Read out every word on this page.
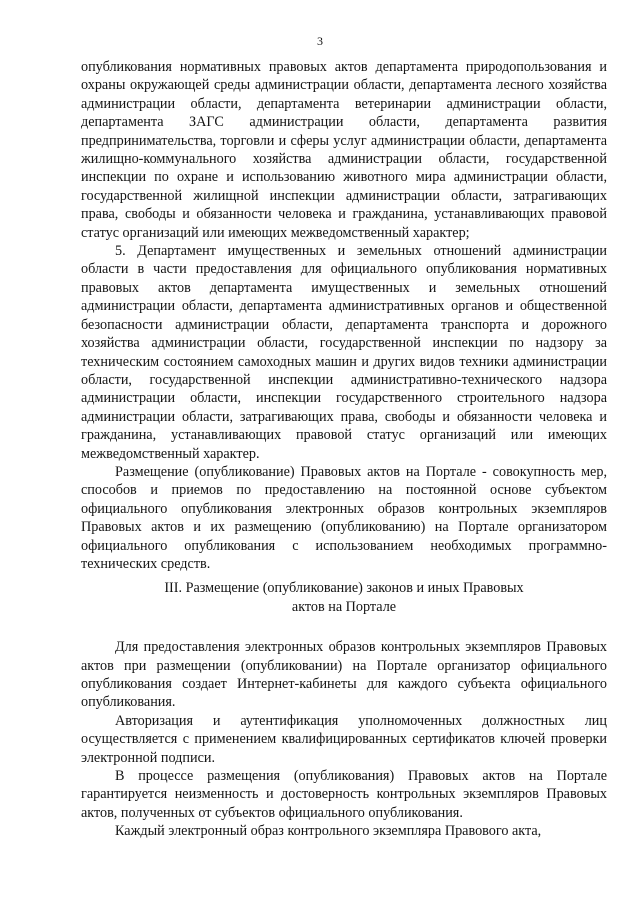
3

опубликования нормативных правовых актов департамента природопользования и охраны окружающей среды администрации области, департамента лесного хозяйства администрации области, департамента ветеринарии администрации области, департамента ЗАГС администрации области, департамента развития предпринимательства, торговли и сферы услуг администрации области, департамента жилищно-коммунального хозяйства администрации области, государственной инспекции по охране и использованию животного мира администрации области, государственной жилищной инспекции администрации области, затрагивающих права, свободы и обязанности человека и гражданина, устанавливающих правовой статус организаций или имеющих межведомственный характер;

5. Департамент имущественных и земельных отношений администрации области в части предоставления для официального опубликования нормативных правовых актов департамента имущественных и земельных отношений администрации области, департамента административных органов и общественной безопасности администрации области, департамента транспорта и дорожного хозяйства администрации области, государственной инспекции по надзору за техническим состоянием самоходных машин и других видов техники администрации области, государственной инспекции административно-технического надзора администрации области, инспекции государственного строительного надзора администрации области, затрагивающих права, свободы и обязанности человека и гражданина, устанавливающих правовой статус организаций или имеющих межведомственный характер.

Размещение (опубликование) Правовых актов на Портале - совокупность мер, способов и приемов по предоставлению на постоянной основе субъектом официального опубликования электронных образов контрольных экземпляров Правовых актов и их размещению (опубликованию) на Портале организатором официального опубликования с использованием необходимых программно-технических средств.

III. Размещение (опубликование) законов и иных Правовых
актов на Портале

Для предоставления электронных образов контрольных экземпляров Правовых актов при размещении (опубликовании) на Портале организатор официального опубликования создает Интернет-кабинеты для каждого субъекта официального опубликования.

Авторизация и аутентификация уполномоченных должностных лиц осуществляется с применением квалифицированных сертификатов ключей проверки электронной подписи.

В процессе размещения (опубликования) Правовых актов на Портале гарантируется неизменность и достоверность контрольных экземпляров Правовых актов, полученных от субъектов официального опубликования.

Каждый электронный образ контрольного экземпляра Правового акта,
